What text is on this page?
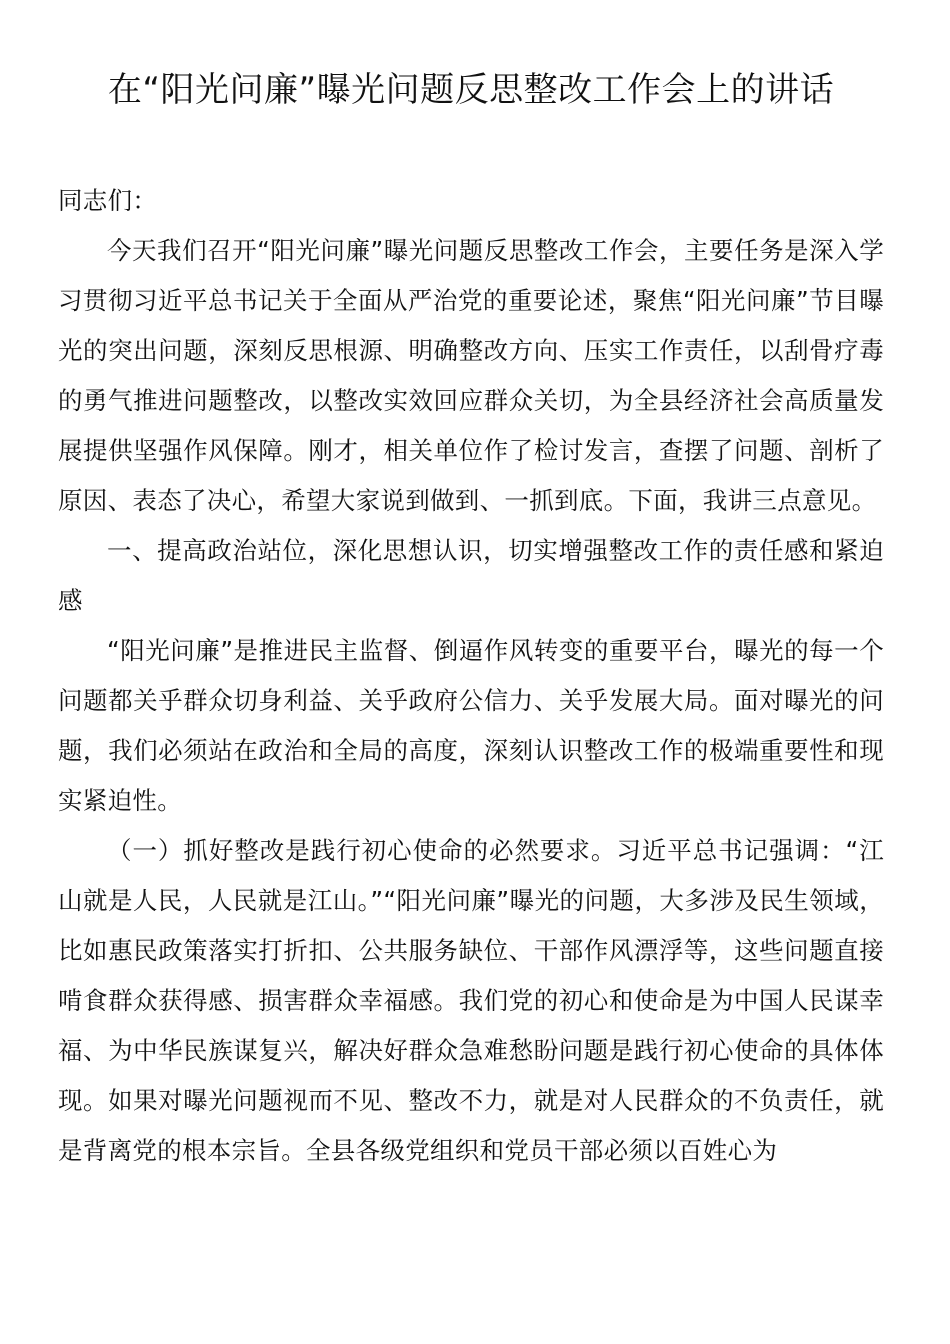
在“阳光问廉”曝光问题反思整改工作会上的讲话

同志们：

今天我们召开“阳光问廉”曝光问题反思整改工作会，主要任务是深入学习贯彻习近平总书记关于全面从严治党的重要论述，聚焦“阳光问廉”节目曝光的突出问题，深刻反思根源、明确整改方向、压实工作责任，以刮骨疗毒的勇气推进问题整改，以整改实效回应群众关切，为全县经济社会高质量发展提供坚强作风保障。刚才，相关单位作了检讨发言，查摆了问题、剖析了原因、表态了决心，希望大家说到做到、一抓到底。下面，我讲三点意见。

一、提高政治站位，深化思想认识，切实增强整改工作的责任感和紧迫感

“阳光问廉”是推进民主监督、倒逼作风转变的重要平台，曝光的每一个问题都关乎群众切身利益、关乎政府公信力、关乎发展大局。面对曝光的问题，我们必须站在政治和全局的高度，深刻认识整改工作的极端重要性和现实紧迫性。

（一）抓好整改是践行初心使命的必然要求。习近平总书记强调：“江山就是人民，人民就是江山。”“阳光问廉”曝光的问题，大多涉及民生领域，比如惠民政策落实打折扣、公共服务缺位、干部作风漂浮等，这些问题直接啃食群众获得感、损害群众幸福感。我们党的初心和使命是为中国人民谋幸福、为中华民族谋复兴，解决好群众急难愁盼问题是践行初心使命的具体体现。如果对曝光问题视而不见、整改不力，就是对人民群众的不负责任，就是背离党的根本宗旨。全县各级党组织和党员干部必须以百姓心为
